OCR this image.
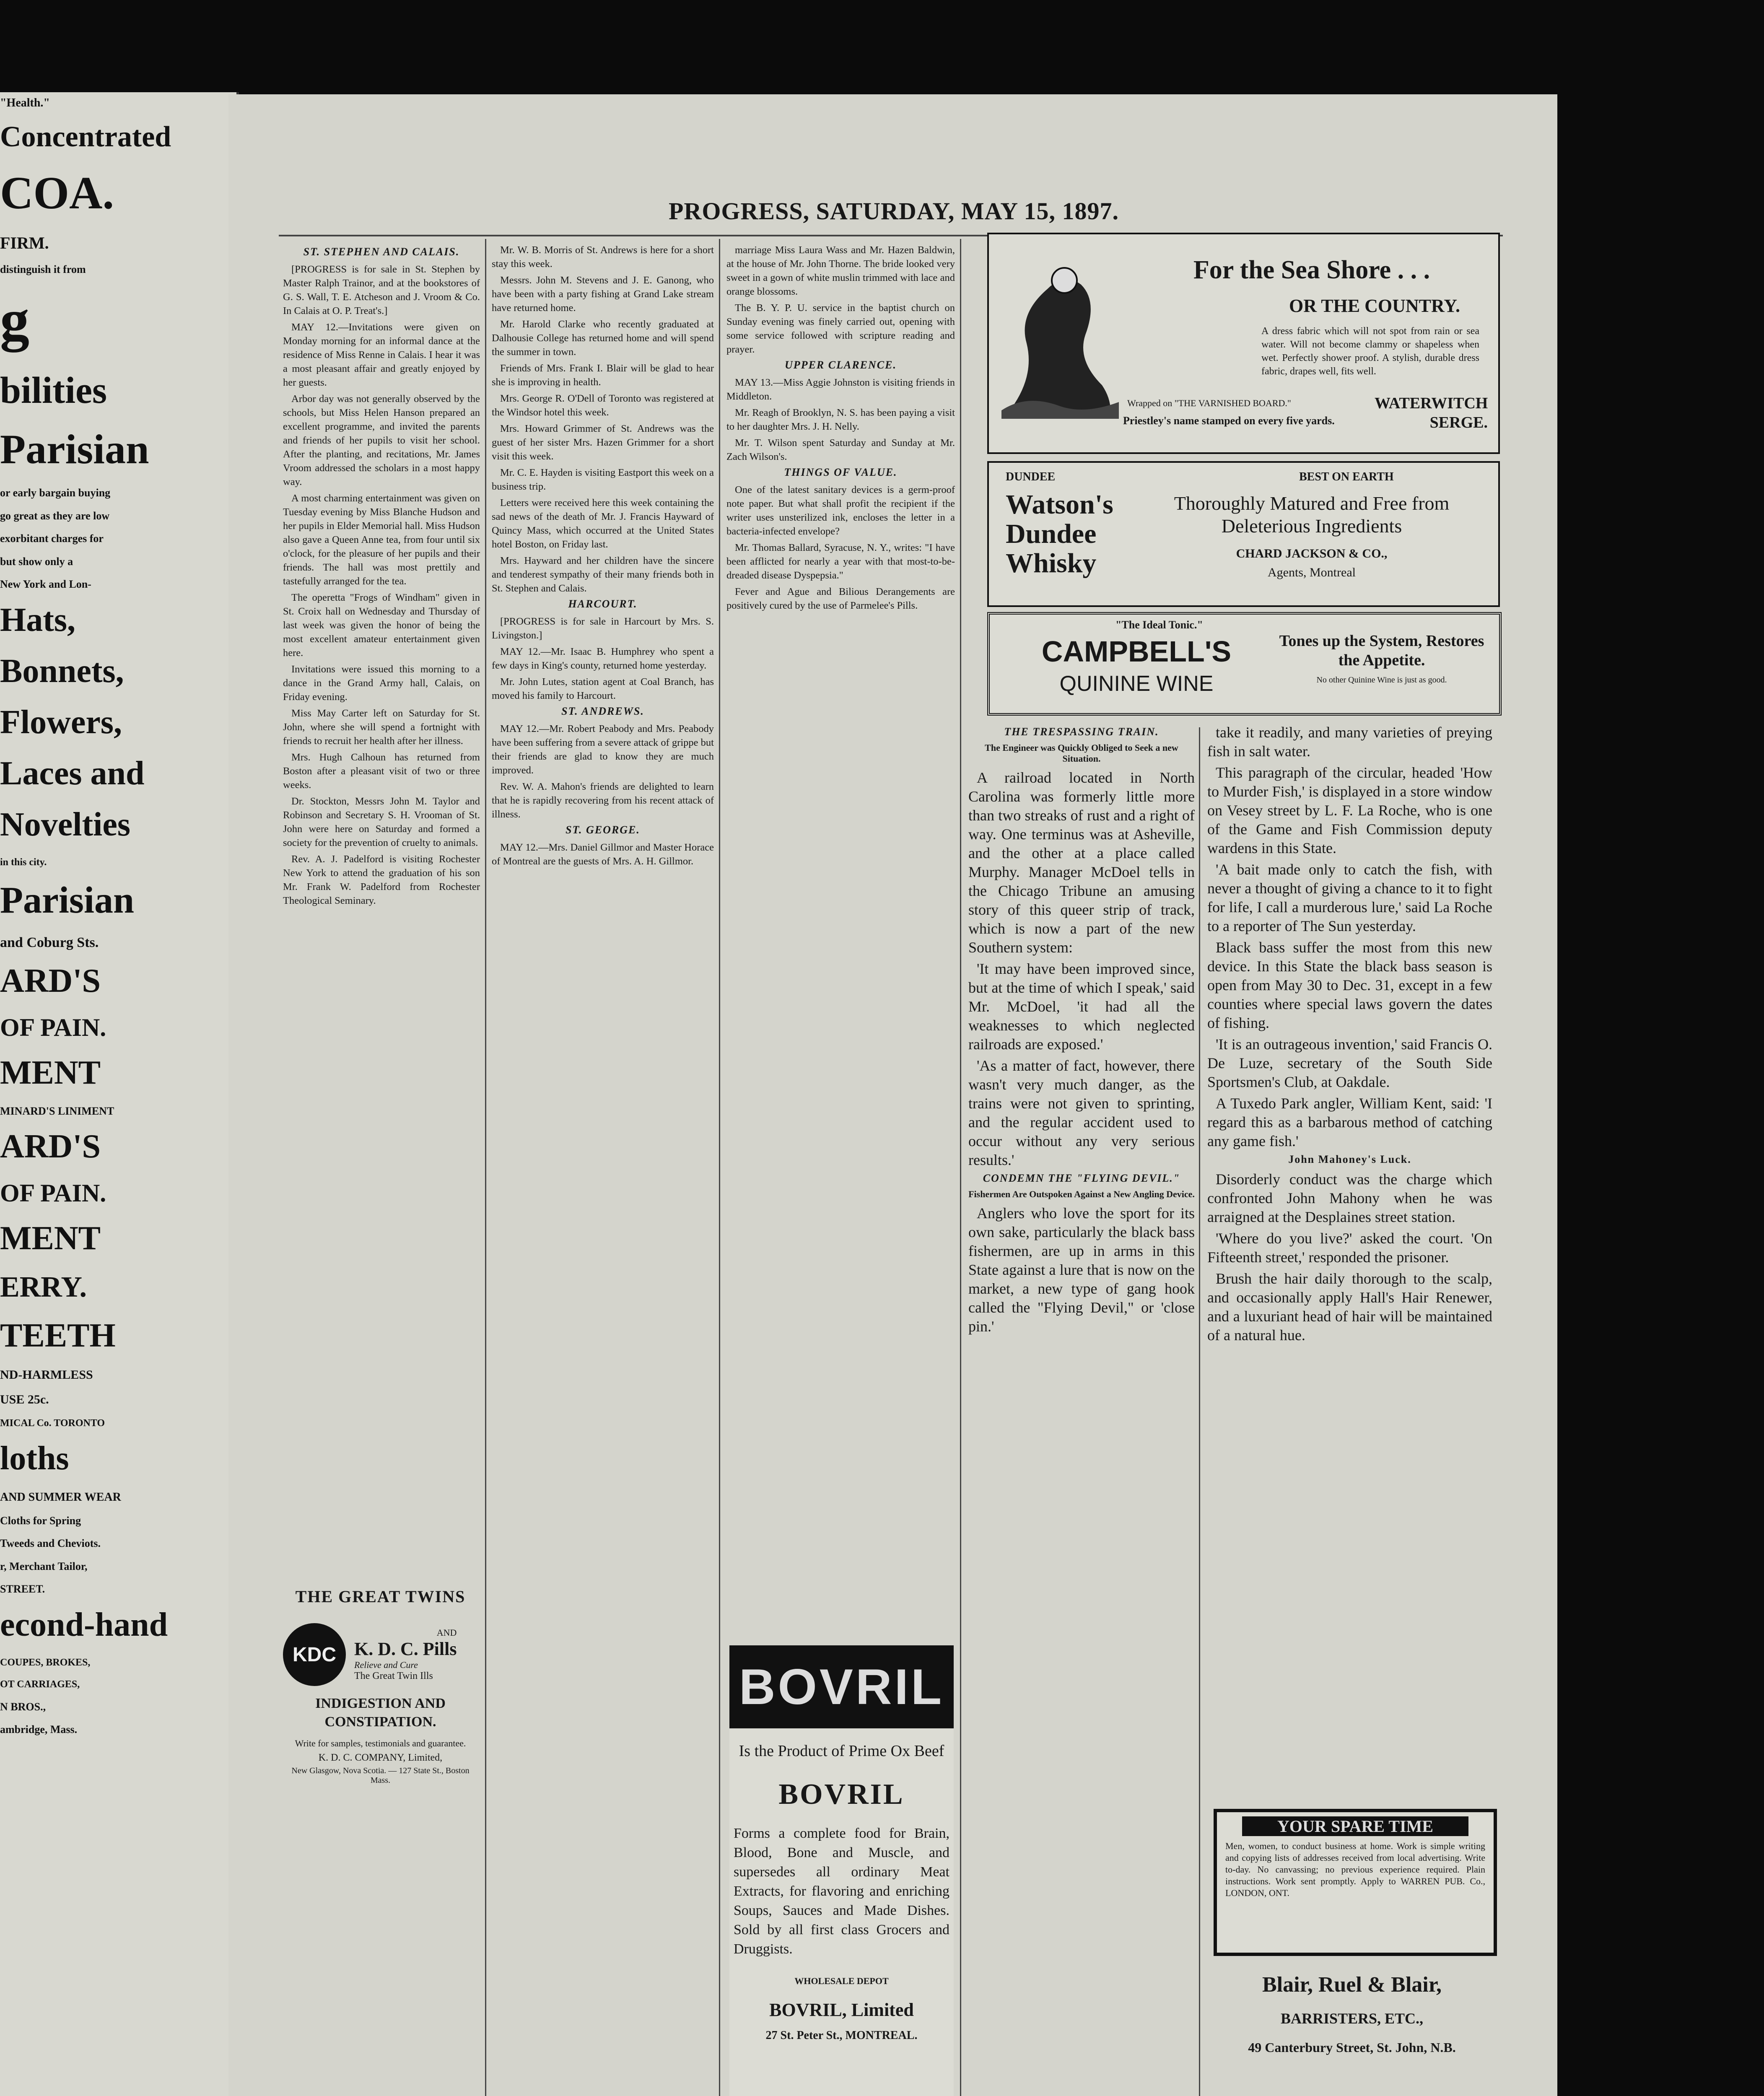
"Health."
Concentrated
COA.
FIRM.
distinguish it from
g
bilities
Parisian
or early bargain buying
go great as they are low
exorbitant charges for
but show only a
New York and Lon-
Hats,
Bonnets,
Flowers,
Laces and
Novelties
in this city.
Parisian
and Coburg Sts.
ARD'S
OF PAIN.
MENT
MINARD'S LINIMENT
ARD'S
OF PAIN.
MENT
ERRY.
TEETH
ND-HARMLESS
USE 25c.
MICAL Co. TORONTO
loths
AND SUMMER WEAR
Cloths for Spring
Tweeds and Cheviots.
r, Merchant Tailor,
STREET.
econd-hand
COUPES, BROKES,
OT CARRIAGES,
N BROS.,
ambridge, Mass.
PROGRESS, SATURDAY, MAY 15, 1897.
ST. STEPHEN AND CALAIS.

[PROGRESS is for sale in St. Stephen by Master Ralph Trainor, and at the bookstores of G. S. Wall, T. E. Atcheson and J. Vroom & Co. In Calais at O. P. Treat's.]

MAY 12.—Invitations were given on Monday morning for an informal dance at the residence of Miss Renne in Calais. I hear it was a most pleasant affair and greatly enjoyed by her guests.

Arbor day was not generally observed by the schools, but Miss Helen Hanson prepared an excellent programme, and invited the parents and friends of her pupils to visit her school. After the planting, and recitations, Mr. James Vroom addressed the scholars in a most happy way.

A most charming entertainment was given on Tuesday evening by Miss Blanche Hudson and her pupils in Elder Memorial hall. Miss Hudson also gave a Queen Anne tea, from four until six o'clock, for the pleasure of her pupils and their friends. The hall was most prettily and tastefully arranged for the tea.

The operetta "Frogs of Windham" given in St. Croix hall on Wednesday and Thursday of last week was given the honor of being the most excellent amateur entertainment given here.

Invitations were issued this morning to a dance in the Grand Army hall, Calais, on Friday evening.

Miss May Carter left on Saturday for St. John, where she will spend a fortnight with friends to recruit her health after her illness.

Mrs. Hugh Calhoun has returned from Boston after a pleasant visit of two or three weeks.

Dr. Stockton, Messrs John M. Taylor and Robinson and Secretary S. H. Vrooman of St. John were here on Saturday and formed a society for the prevention of cruelty to animals.

Rev. A. J. Padelford is visiting Rochester New York to attend the graduation of his son Mr. Frank W. Padelford from Rochester Theological Seminary.

THE GREAT TWINS
KDC
AND
K. D. C. Pills
Relieve and Cure
The Great Twin Ills
INDIGESTION AND CONSTIPATION.
Write for samples, testimonials and guarantee.
K. D. C. COMPANY, Limited,
New Glasgow, Nova Scotia. — 127 State St., Boston Mass.

Mr. W. B. Morris of St. Andrews is here for a short stay this week.

Messrs. John M. Stevens and J. E. Ganong, who have been with a party fishing at Grand Lake stream have returned home.

Mr. Harold Clarke who recently graduated at Dalhousie College has returned home and will spend the summer in town.

Friends of Mrs. Frank I. Blair will be glad to hear she is improving in health.

Mrs. George R. O'Dell of Toronto was registered at the Windsor hotel this week.

Mrs. Howard Grimmer of St. Andrews was the guest of her sister Mrs. Hazen Grimmer for a short visit this week.

Mr. C. E. Hayden is visiting Eastport this week on a business trip.

Letters were received here this week containing the sad news of the death of Mr. J. Francis Hayward of Quincy Mass, which occurred at the United States hotel Boston, on Friday last.

Mrs. Hayward and her children have the sincere and tenderest sympathy of their many friends both in St. Stephen and Calais.

HARCOURT.

[PROGRESS is for sale in Harcourt by Mrs. S. Livingston.]

MAY 12.—Mr. Isaac B. Humphrey who spent a few days in King's county, returned home yesterday.

Mr. John Lutes, station agent at Coal Branch, has moved his family to Harcourt.

ST. ANDREWS.

MAY 12.—Mr. Robert Peabody and Mrs. Peabody have been suffering from a severe attack of grippe but their friends are glad to know they are much improved.

Rev. W. A. Mahon's friends are delighted to learn that he is rapidly recovering from his recent attack of illness.

ST. GEORGE.

MAY 12.—Mrs. Daniel Gillmor and Master Horace of Montreal are the guests of Mrs. A. H. Gillmor.

marriage Miss Laura Wass and Mr. Hazen Baldwin, at the house of Mr. John Thorne. The bride looked very sweet in a gown of white muslin trimmed with lace and orange blossoms.

The B. Y. P. U. service in the baptist church on Sunday evening was finely carried out, opening with some service followed with scripture reading and prayer.

UPPER CLARENCE.

MAY 13.—Miss Aggie Johnston is visiting friends in Middleton.

Mr. Reagh of Brooklyn, N. S. has been paying a visit to her daughter Mrs. J. H. Nelly.

Mr. T. Wilson spent Saturday and Sunday at Mr. Zach Wilson's.

THINGS OF VALUE.

One of the latest sanitary devices is a germ-proof note paper. But what shall profit the recipient if the writer uses unsterilized ink, encloses the letter in a bacteria-infected envelope?

Mr. Thomas Ballard, Syracuse, N. Y., writes: "I have been afflicted for nearly a year with that most-to-be-dreaded disease Dyspepsia."

Fever and Ague and Bilious Derangements are positively cured by the use of Parmelee's Pills.

BOVRIL
Is the Product of Prime Ox Beef
BOVRIL
Forms a complete food for Brain, Blood, Bone and Muscle, and supersedes all ordinary Meat Extracts, for flavoring and enriching Soups, Sauces and Made Dishes. Sold by all first class Grocers and Druggists.
WHOLESALE DEPOT
BOVRIL, Limited
27 St. Peter St., MONTREAL.
For the Sea Shore . . .
OR THE COUNTRY.
A dress fabric which will not spot from rain or sea water. Will not become clammy or shapeless when wet. Perfectly shower proof. A stylish, durable dress fabric, drapes well, fits well.
Wrapped on "THE VARNISHED BOARD."
Priestley's name stamped on every five yards.
WATERWITCH SERGE.
DUNDEE	BEST ON EARTH
Watson's Dundee Whisky
Thoroughly Matured and Free from Deleterious Ingredients
CHARD JACKSON & CO.,
Agents, Montreal
"The Ideal Tonic."
CAMPBELL'S
QUININE WINE
Tones up the System, Restores the Appetite.
No other Quinine Wine is just as good.
THE TRESPASSING TRAIN.
The Engineer was Quickly Obliged to Seek a new Situation.

A railroad located in North Carolina was formerly little more than two streaks of rust and a right of way. One terminus was at Asheville, and the other at a place called Murphy. Manager McDoel tells in the Chicago Tribune an amusing story of this queer strip of track, which is now a part of the new Southern system:

'It may have been improved since, but at the time of which I speak,' said Mr. McDoel, 'it had all the weaknesses to which neglected railroads are exposed.'

'As a matter of fact, however, there wasn't very much danger, as the trains were not given to sprinting, and the regular accident used to occur without any very serious results.'

CONDEMN THE "FLYING DEVIL."
Fishermen Are Outspoken Against a New Angling Device.

Anglers who love the sport for its own sake, particularly the black bass fishermen, are up in arms in this State against a lure that is now on the market, a new type of gang hook called the "Flying Devil," or 'close pin.'

take it readily, and many varieties of preying fish in salt water.

This paragraph of the circular, headed 'How to Murder Fish,' is displayed in a store window on Vesey street by L. F. La Roche, who is one of the Game and Fish Commission deputy wardens in this State.

'A bait made only to catch the fish, with never a thought of giving a chance to it to fight for life, I call a murderous lure,' said La Roche to a reporter of The Sun yesterday.

Black bass suffer the most from this new device. In this State the black bass season is open from May 30 to Dec. 31, except in a few counties where special laws govern the dates of fishing.

'It is an outrageous invention,' said Francis O. De Luze, secretary of the South Side Sportsmen's Club, at Oakdale.

A Tuxedo Park angler, William Kent, said: 'I regard this as a barbarous method of catching any game fish.'

John Mahoney's Luck.

Disorderly conduct was the charge which confronted John Mahony when he was arraigned at the Desplaines street station.

'Where do you live?' asked the court. 'On Fifteenth street,' responded the prisoner.

Brush the hair daily thorough to the scalp, and occasionally apply Hall's Hair Renewer, and a luxuriant head of hair will be maintained of a natural hue.

YOUR SPARE TIME
Men, women, to conduct business at home. Work is simple writing and copying lists of addresses received from local advertising. Write to-day. No canvassing; no previous experience required. Plain instructions. Work sent promptly. Apply to WARREN PUB. Co., LONDON, ONT.
Blair, Ruel & Blair,
BARRISTERS, ETC.,
49 Canterbury Street, St. John, N.B.
